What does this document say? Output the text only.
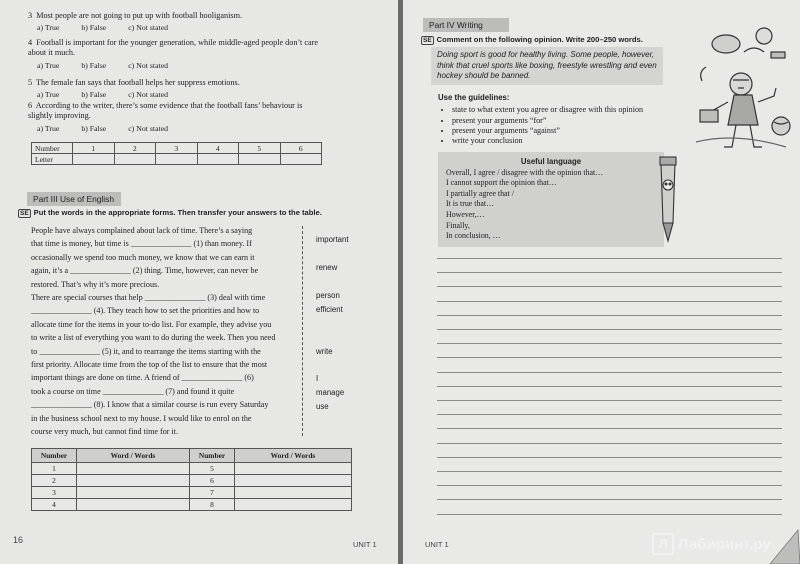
3 Most people are not going to put up with football hooliganism.
a) True	b) False	c) Not stated
4 Football is important for the younger generation, while middle-aged people don’t care about it much.
a) True	b) False	c) Not stated
5 The female fan says that football helps her suppress emotions.
a) True	b) False	c) Not stated
6 According to the writer, there’s some evidence that the football fans’ behaviour is slightly improving.
a) True	b) False	c) Not stated
Number	1	2	3	4	5	6
Letter						
Part III Use of English
SE Put the words in the appropriate forms. Then transfer your answers to the table.
People have always complained about lack of time. There’s a saying
that time is money, but time is _______________ (1) than money. If
occasionally we spend too much money, we know that we can earn it
again, it’s a _______________ (2) thing. Time, however, can never be
restored. That’s why it’s more precious.
There are special courses that help _______________ (3) deal with time
_______________ (4). They teach how to set the priorities and how to
allocate time for the items in your to-do list. For example, they advise you
to write a list of everything you want to do during the week. Then you need
to _______________ (5) it, and to rearrange the items starting with the
first priority. Allocate time from the top of the list to ensure that the most
important things are done on time. A friend of _______________ (6)
took a course on time _______________ (7) and found it quite
_______________ (8). I know that a similar course is run every Saturday
in the business school next to my house. I would like to enrol on the
course very much, but cannot find time for it.
important
renew
person
efficient
write
I
manage
use
Number	Word / Words	Number	Word / Words
1		5	
2		6	
3		7	
4		8	
16	UNIT 1
Part IV Writing
SE Comment on the following opinion. Write 200–250 words.
Doing sport is good for healthy living. Some people, however, think that cruel sports like boxing, freestyle wrestling and even hockey should be banned.
Use the guidelines:
• state to what extent you agree or disagree with this opinion
• present your arguments “for”
• present your arguments “against”
• write your conclusion
Useful language
Overall, I agree / disagree with the opinion that…
I cannot support the opinion that…
I partially agree that /
It is true that…
However,…
Finally,
In conclusion, …
UNIT 1	Л Лабиринт.ру
